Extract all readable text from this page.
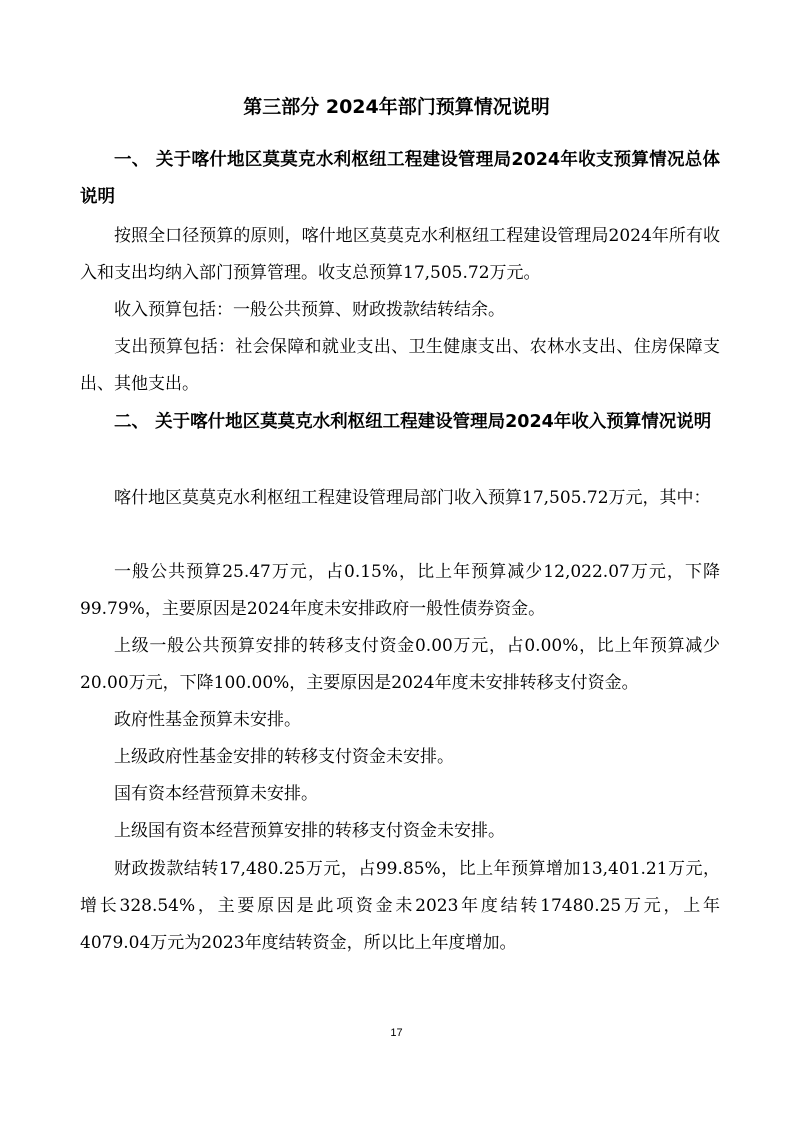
第三部分 2024年部门预算情况说明
一、 关于喀什地区莫莫克水利枢纽工程建设管理局2024年收支预算情况总体说明
按照全口径预算的原则，喀什地区莫莫克水利枢纽工程建设管理局2024年所有收入和支出均纳入部门预算管理。收支总预算17,505.72万元。
收入预算包括：一般公共预算、财政拨款结转结余。
支出预算包括：社会保障和就业支出、卫生健康支出、农林水支出、住房保障支出、其他支出。
二、 关于喀什地区莫莫克水利枢纽工程建设管理局2024年收入预算情况说明
喀什地区莫莫克水利枢纽工程建设管理局部门收入预算17,505.72万元，其中：
一般公共预算25.47万元，占0.15%，比上年预算减少12,022.07万元，下降99.79%，主要原因是2024年度未安排政府一般性债券资金。
上级一般公共预算安排的转移支付资金0.00万元，占0.00%，比上年预算减少20.00万元，下降100.00%，主要原因是2024年度未安排转移支付资金。
政府性基金预算未安排。
上级政府性基金安排的转移支付资金未安排。
国有资本经营预算未安排。
上级国有资本经营预算安排的转移支付资金未安排。
财政拨款结转17,480.25万元，占99.85%，比上年预算增加13,401.21万元，增长328.54%，主要原因是此项资金未2023年度结转17480.25万元，上年4079.04万元为2023年度结转资金，所以比上年度增加。
17
